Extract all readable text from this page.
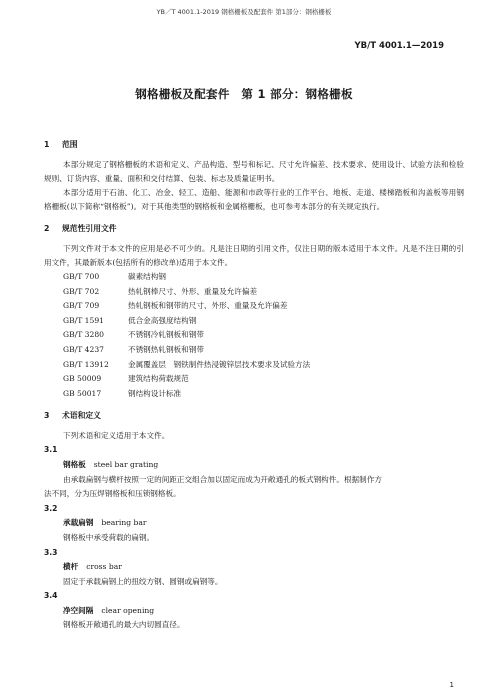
YB／T 4001.1-2019 钢格栅板及配套件 第1部分：钢格栅板
YB/T 4001.1—2019
钢格栅板及配套件　第 1 部分：钢格栅板

1 范围

本部分规定了钢格栅板的术语和定义、产品构造、型号和标记、尺寸允许偏差、技术要求、使用设计、试验方法和检验规则、订货内容、重量、面积和交付结算、包装、标志及质量证明书。

本部分适用于石油、化工、冶金、轻工、造船、能源和市政等行业的工作平台、地板、走道、楼梯踏板和沟盖板等用钢格栅板(以下简称“钢格板”)。对于其他类型的钢格板和金属格栅板，也可参考本部分的有关规定执行。

2 规范性引用文件

下列文件对于本文件的应用是必不可少的。凡是注日期的引用文件，仅注日期的版本适用于本文件。凡是不注日期的引用文件，其最新版本(包括所有的修改单)适用于本文件。

GB/T 700	碳素结构钢
GB/T 702	热轧钢棒尺寸、外形、重量及允许偏差
GB/T 709	热轧钢板和钢带的尺寸、外形、重量及允许偏差
GB/T 1591	低合金高强度结构钢
GB/T 3280	不锈钢冷轧钢板和钢带
GB/T 4237	不锈钢热轧钢板和钢带
GB/T 13912	金属覆盖层　钢铁制件热浸镀锌层技术要求及试验方法
GB 50009	建筑结构荷载规范
GB 50017	钢结构设计标准

3 术语和定义

下列术语和定义适用于本文件。

3.1

钢格板 steel bar grating

由承载扁钢与横杆按照一定的间距正交组合加以固定而成为开敞通孔的板式钢构件。根据制作方

法不同，分为压焊钢格板和压锁钢格板。

3.2

承载扁钢 bearing bar

钢格板中承受荷载的扁钢。

3.3

横杆 cross bar

固定于承载扁钢上的扭绞方钢、圆钢或扁钢等。

3.4

净空间隔 clear opening

钢格板开敞通孔的最大内切圆直径。

1
